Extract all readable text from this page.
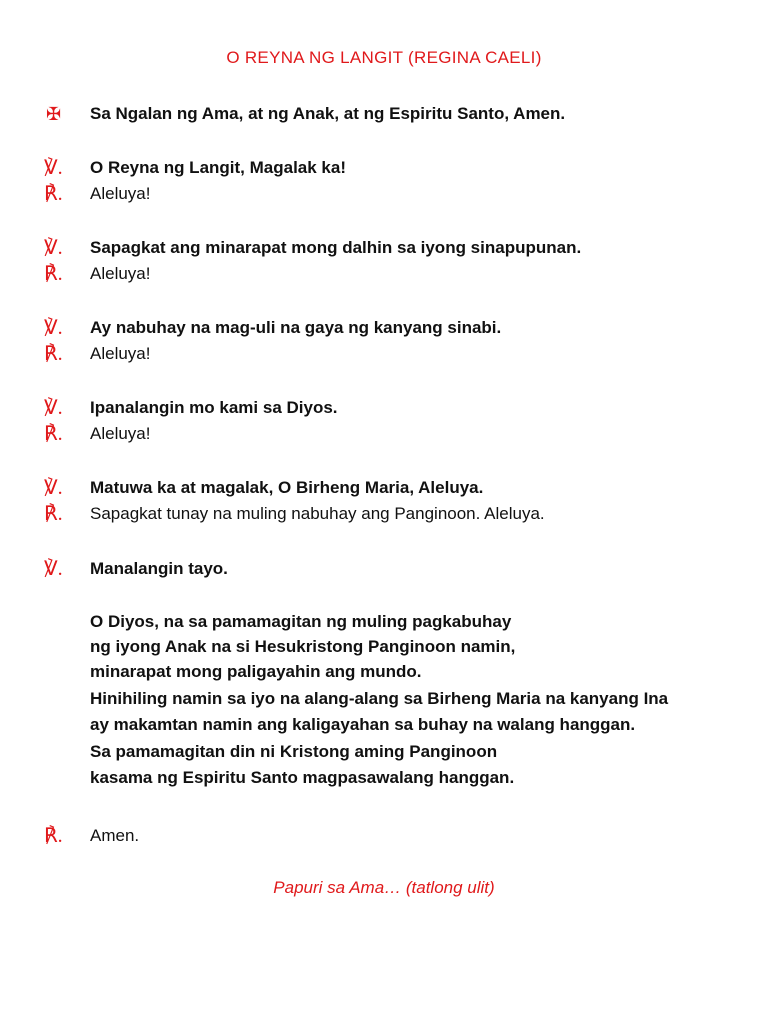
O REYNA NG LANGIT (REGINA CAELI)
✠ Sa Ngalan ng Ama, at ng Anak, at ng Espiritu Santo, Amen.
℣. O Reyna ng Langit, Magalak ka!
℟. Aleluya!
℣. Sapagkat ang minarapat mong dalhin sa iyong sinapupunan.
℟. Aleluya!
℣. Ay nabuhay na mag-uli na gaya ng kanyang sinabi.
℟. Aleluya!
℣. Ipanalangin mo kami sa Diyos.
℟. Aleluya!
℣. Matuwa ka at magalak, O Birheng Maria, Aleluya.
℟. Sapagkat tunay na muling nabuhay ang Panginoon. Aleluya.
℣. Manalangin tayo.
O Diyos, na sa pamamagitan ng muling pagkabuhay
ng iyong Anak na si Hesukristong Panginoon namin,
minarapat mong paligayahin ang mundo.
Hinihiling namin sa iyo na alang-alang sa Birheng Maria na kanyang Ina
ay makamtan namin ang kaligayahan sa buhay na walang hanggan.
Sa pamamagitan din ni Kristong aming Panginoon
kasama ng Espiritu Santo magpasawalang hanggan.
℟. Amen.
Papuri sa Ama… (tatlong ulit)
